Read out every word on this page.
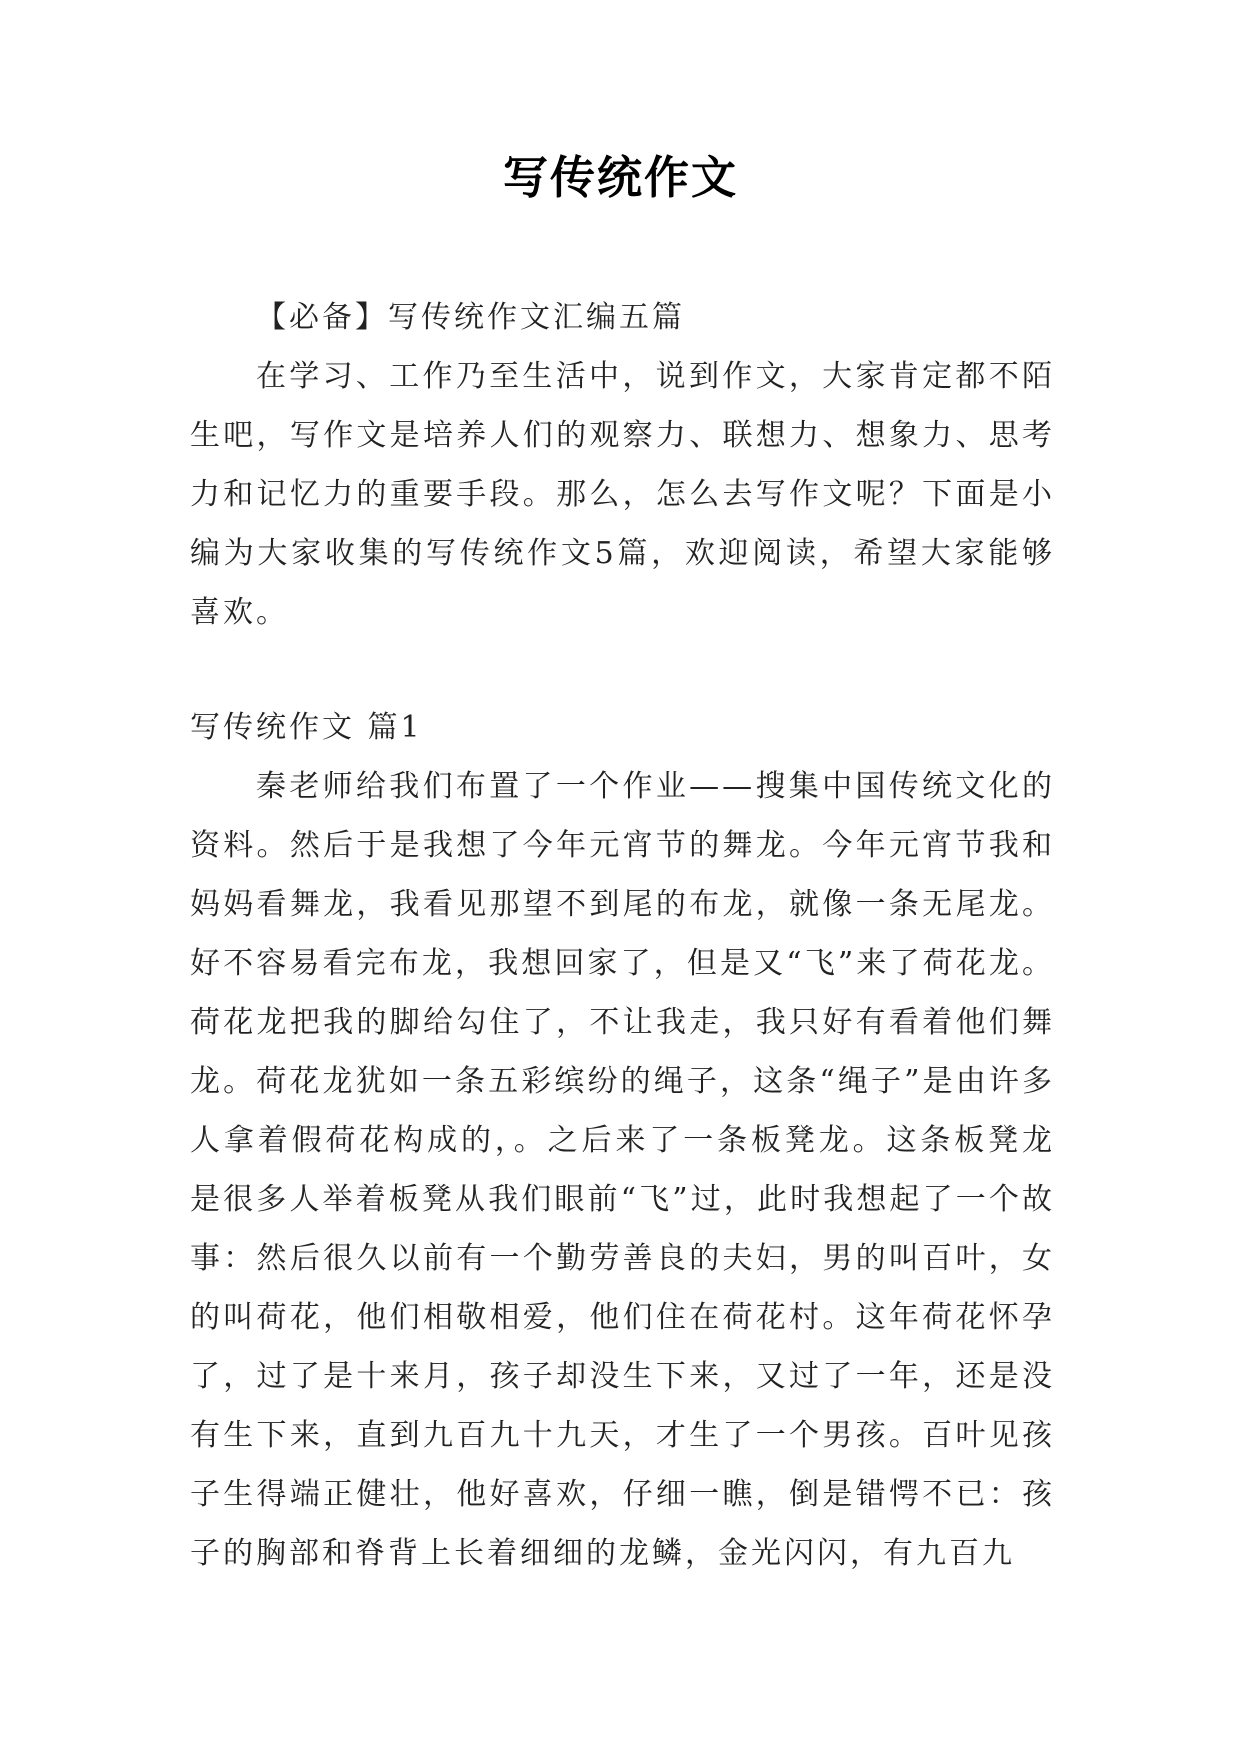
写传统作文

【必备】写传统作文汇编五篇

在学习、工作乃至生活中，说到作文，大家肯定都不陌生吧，写作文是培养人们的观察力、联想力、想象力、思考力和记忆力的重要手段。那么，怎么去写作文呢？下面是小编为大家收集的写传统作文5篇，欢迎阅读，希望大家能够喜欢。

写传统作文 篇1

秦老师给我们布置了一个作业——搜集中国传统文化的资料。然后于是我想了今年元宵节的舞龙。今年元宵节我和妈妈看舞龙，我看见那望不到尾的布龙，就像一条无尾龙。好不容易看完布龙，我想回家了，但是又“飞”来了荷花龙。荷花龙把我的脚给勾住了，不让我走，我只好有看着他们舞龙。荷花龙犹如一条五彩缤纷的绳子，这条“绳子”是由许多人拿着假荷花构成的，。之后来了一条板凳龙。这条板凳龙是很多人举着板凳从我们眼前“飞”过，此时我想起了一个故事：然后很久以前有一个勤劳善良的夫妇，男的叫百叶，女的叫荷花，他们相敬相爱，他们住在荷花村。这年荷花怀孕了，过了是十来月，孩子却没生下来，又过了一年，还是没有生下来，直到九百九十九天，才生了一个男孩。百叶见孩子生得端正健壮，他好喜欢，仔细一瞧，倒是错愕不已：孩子的胸部和脊背上长着细细的龙鳞，金光闪闪，有九百九
